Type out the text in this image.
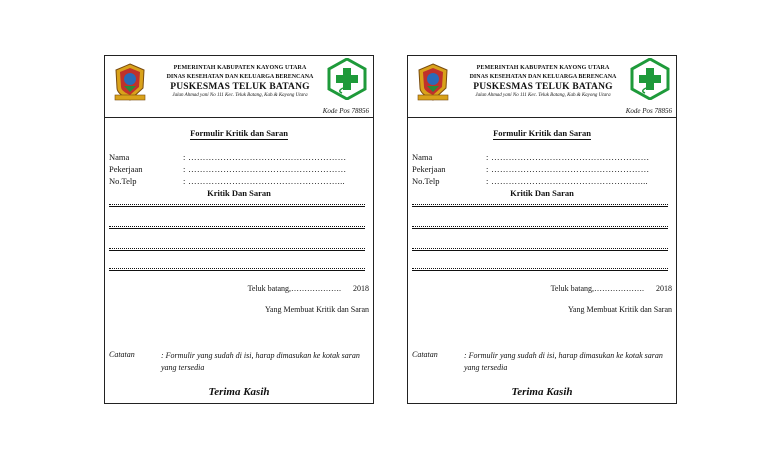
PEMERINTAH KABUPATEN KAYONG UTARA
DINAS KESEHATAN DAN KELUARGA BERENCANA
PUSKESMAS TELUK BATANG
Jalan Ahmad yani No 111 Kec. Teluk Batang, Kab.& Kayong Utara
Kode Pos 78856
Formulir Kritik dan Saran
Nama	: ………………………………………………
Pekerjaan	: ………………………………………………
No.Telp	: ……………………………………………...
Kritik Dan Saran
Teluk batang,………………. 2018
Yang Membuat Kritik dan Saran
Catatan	: Formulir yang sudah di isi, harap dimasukan ke kotak saran yang tersedia
Terima Kasih
PEMERINTAH KABUPATEN KAYONG UTARA
DINAS KESEHATAN DAN KELUARGA BERENCANA
PUSKESMAS TELUK BATANG
Jalan Ahmad yani No 111 Kec. Teluk Batang, Kab.& Kayong Utara
Kode Pos 78856
Formulir Kritik dan Saran
Nama	: ………………………………………………
Pekerjaan	: ………………………………………………
No.Telp	: ……………………………………………...
Kritik Dan Saran
Teluk batang,………………. 2018
Yang Membuat Kritik dan Saran
Catatan	: Formulir yang sudah di isi, harap dimasukan ke kotak saran yang tersedia
Terima Kasih
